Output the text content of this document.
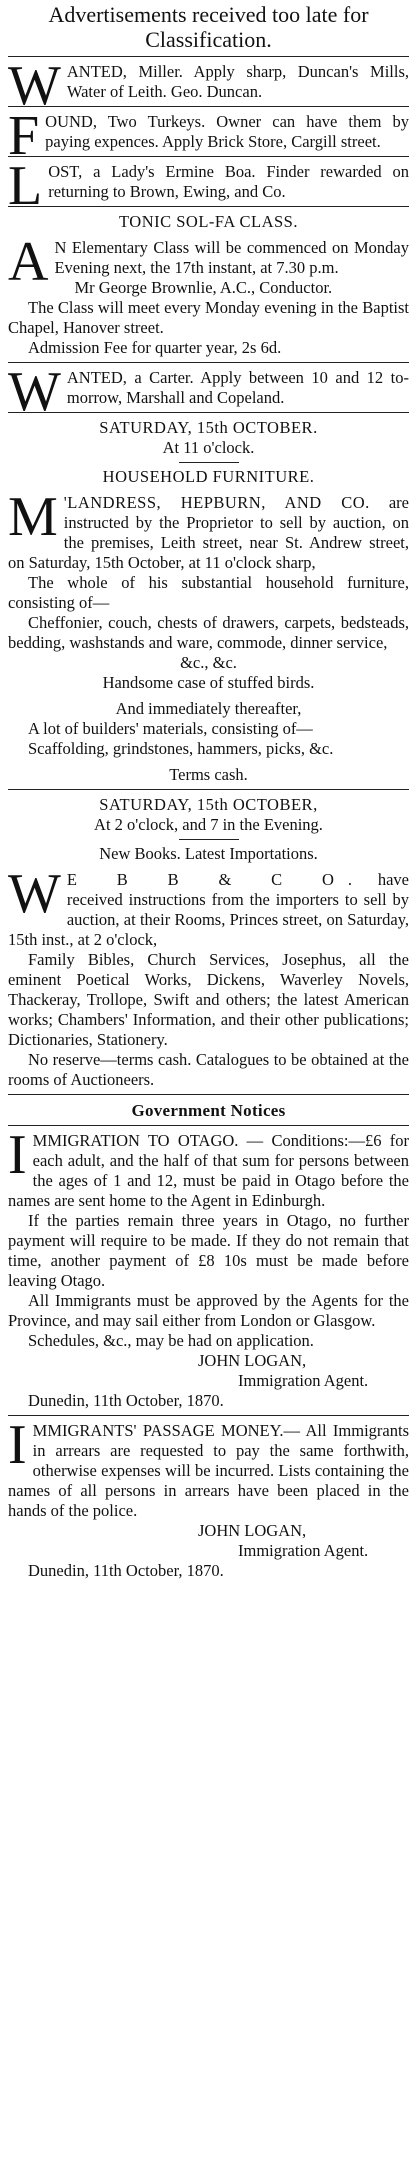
Advertisements received too late for Classification.

WANTED, Miller. Apply sharp, Duncan's Mills, Water of Leith. Geo. Duncan.

FOUND, Two Turkeys. Owner can have them by paying expences. Apply Brick Store, Cargill street.

LOST, a Lady's Ermine Boa. Finder rewarded on returning to Brown, Ewing, and Co.

TONIC SOL-FA CLASS.

A N Elementary Class will be commenced on Monday Evening next, the 17th instant, at 7.30 p.m.

Mr George Brownlie, A.C., Conductor.

The Class will meet every Monday evening in the Baptist Chapel, Hanover street.

Admission Fee for quarter year, 2s 6d.

WANTED, a Carter. Apply between 10 and 12 to-morrow, Marshall and Copeland.

SATURDAY, 15th OCTOBER.
At 11 o'clock.
HOUSEHOLD FURNITURE.

M 'LANDRESS, HEPBURN, AND CO. are instructed by the Proprietor to sell by auction, on the premises, Leith street, near St. Andrew street, on Saturday, 15th October, at 11 o'clock sharp,

The whole of his substantial household furniture, consisting of—

Cheffonier, couch, chests of drawers, carpets, bedsteads, bedding, washstands and ware, commode, dinner service,

&c., &c.

Handsome case of stuffed birds.

And immediately thereafter,

A lot of builders' materials, consisting of—

Scaffolding, grindstones, hammers, picks, &c.

Terms cash.

SATURDAY, 15th OCTOBER,
At 2 o'clock, and 7 in the Evening.
New Books. Latest Importations.

W E B B & C O. have received instructions from the importers to sell by auction, at their Rooms, Princes street, on Saturday, 15th inst., at 2 o'clock,

Family Bibles, Church Services, Josephus, all the eminent Poetical Works, Dickens, Waverley Novels, Thackeray, Trollope, Swift and others; the latest American works; Chambers' Information, and their other publications; Dictionaries, Stationery.

No reserve—terms cash. Catalogues to be obtained at the rooms of Auctioneers.

Government Notices

IMMIGRATION TO OTAGO. — Conditions:—£6 for each adult, and the half of that sum for persons between the ages of 1 and 12, must be paid in Otago before the names are sent home to the Agent in Edinburgh.

If the parties remain three years in Otago, no further payment will require to be made. If they do not remain that time, another payment of £8 10s must be made before leaving Otago.

All Immigrants must be approved by the Agents for the Province, and may sail either from London or Glasgow.

Schedules, &c., may be had on application.

JOHN LOGAN,

Immigration Agent.

Dunedin, 11th October, 1870.

IMMIGRANTS' PASSAGE MONEY.— All Immigrants in arrears are requested to pay the same forthwith, otherwise expenses will be incurred. Lists containing the names of all persons in arrears have been placed in the hands of the police.

JOHN LOGAN,

Immigration Agent.

Dunedin, 11th October, 1870.
